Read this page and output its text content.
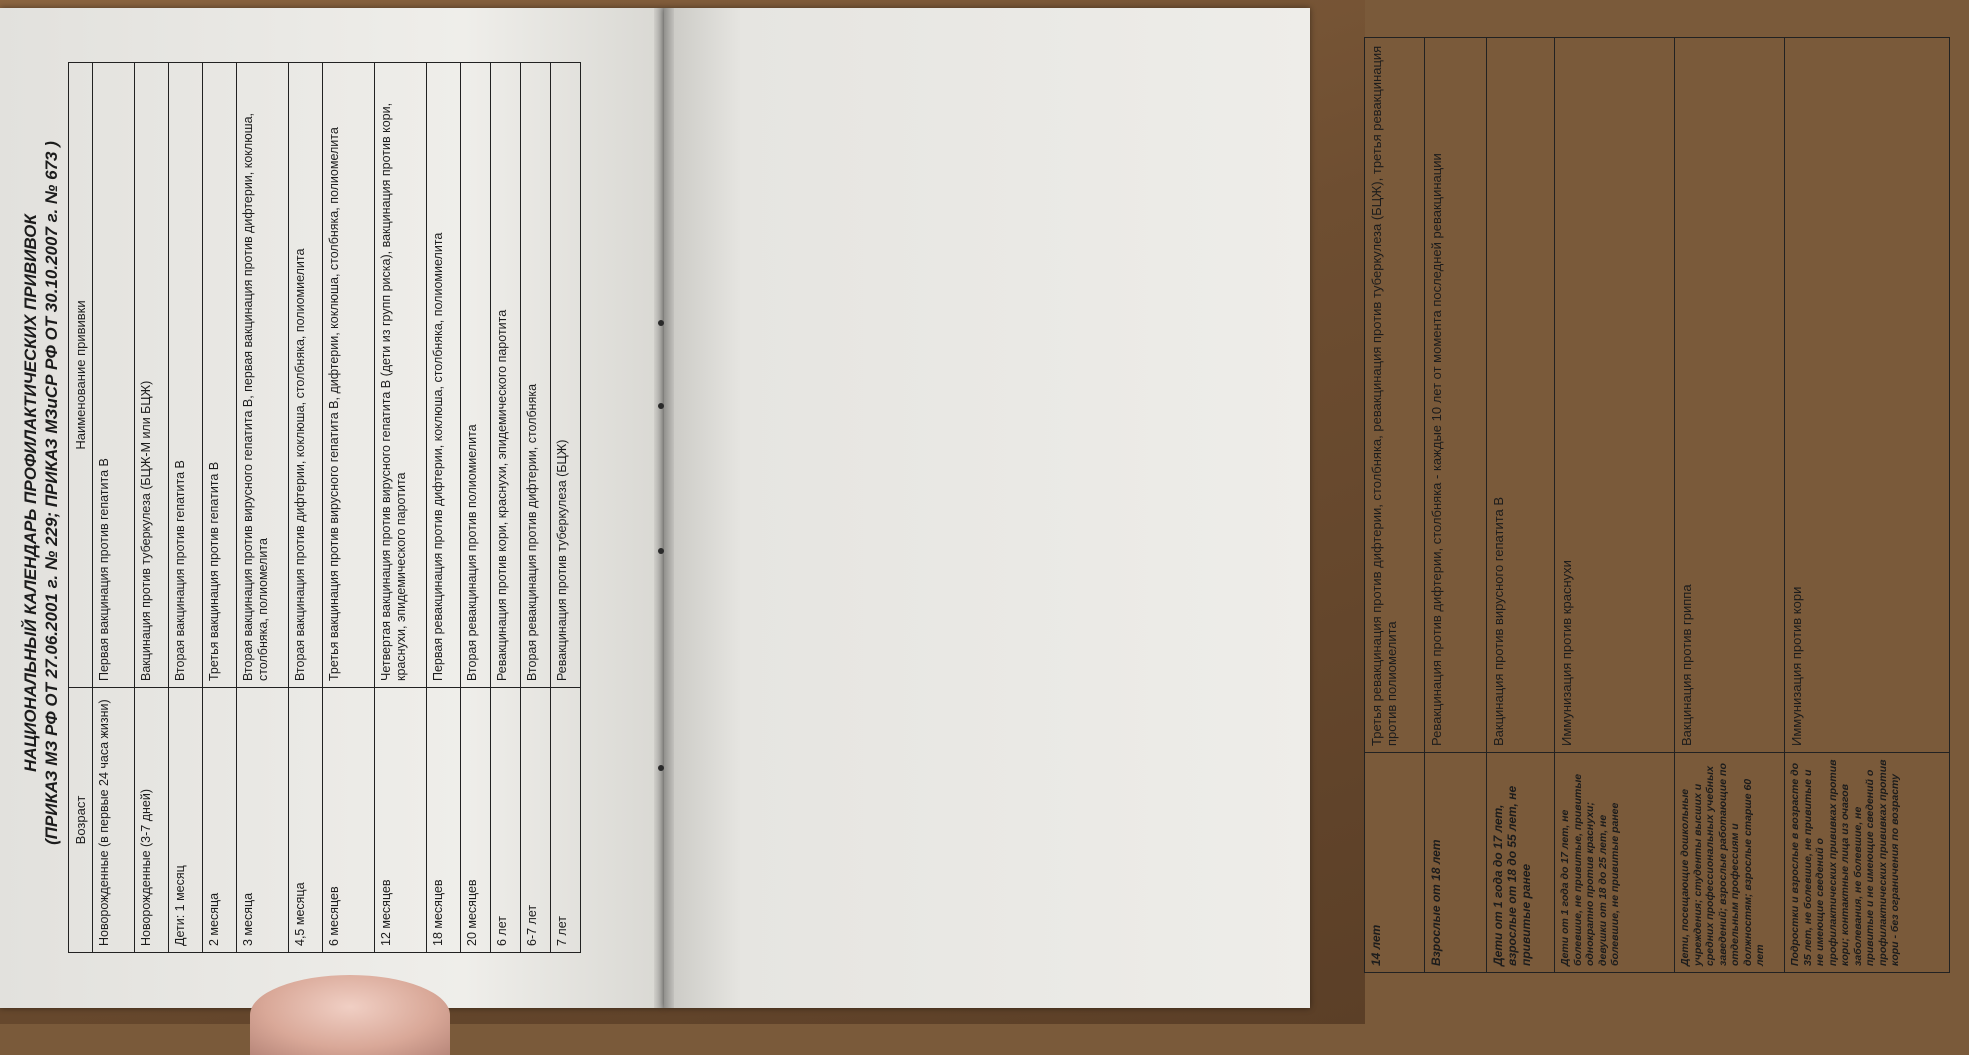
НАЦИОНАЛЬНЫЙ КАЛЕНДАРЬ ПРОФИЛАКТИЧЕСКИХ ПРИВИВОК (ПРИКАЗ МЗ РФ ОТ 27.06.2001 г. № 229; ПРИКАЗ МЗиСР РФ ОТ 30.10.2007 г. № 673 ) Возраст	Наименование прививки
Новорожденные (в первые 24 часа жизни)	Первая вакцинация против гепатита В
Новорожденные (3-7 дней)	Вакцинация против туберкулеза (БЦЖ-М или БЦЖ)
Дети: 1 месяц	Вторая вакцинация против гепатита В
2 месяца	Третья вакцинация против гепатита В
3 месяца	Вторая вакцинация против вирусного гепатита В, первая вакцинация против дифтерии, коклюша, столбняка, полиомелита
4,5 месяца	Вторая вакцинация против дифтерии, коклюша, столбняка, полиомиелита
6 месяцев	Третья вакцинация против вирусного гепатита В, дифтерии, коклюша, столбняка, полиомелита
12 месяцев	Четвертая вакцинация против вирусного гепатита В (дети из групп риска), вакцинация против кори, краснухи, эпидемического паротита
18 месяцев	Первая ревакцинация против дифтерии, коклюша, столбняка, полиомиелита
20 месяцев	Вторая ревакцинация против полиомиелита
6 лет	Ревакцинация против кори, краснухи, эпидемического паротита
6-7 лет	Вторая ревакцинация против дифтерии, столбняка
7 лет	Ревакцинация против туберкулеза (БЦЖ)
14 лет	Третья ревакцинация против дифтерии, столбняка, ревакцинация против туберкулеза (БЦЖ), третья ревакцинация против полиомелита
Взрослые от 18 лет	Ревакцинация против дифтерии, столбняка - каждые 10 лет от момента последней ревакцинации
Дети от 1 года до 17 лет, взрослые от 18 до 55 лет, не привитые ранее	Вакцинация против вирусного гепатита В
Дети от 1 года до 17 лет, не болевшие, не привитые, привитые однократно против краснухи; девушки от 18 до 25 лет, не болевшие, не привитые ранее	Иммунизация против краснухи
Дети, посещающие дошкольные учреждения; студенты высших и средних профессиональных учебных заведений; взрослые работающие по отдельным профессиям и должностям; взрослые старше 60 лет	Вакцинация против гриппа
Подростки и взрослые в возрасте до 35 лет, не болевшие, не привитые и не имеющие сведений о профилактических прививках против кори; контактные лица из очагов заболевания, не болевшие, не привитые и не имеющие сведений о профилактических прививках против кори - без ограничения по возрасту	Иммунизация против кори
